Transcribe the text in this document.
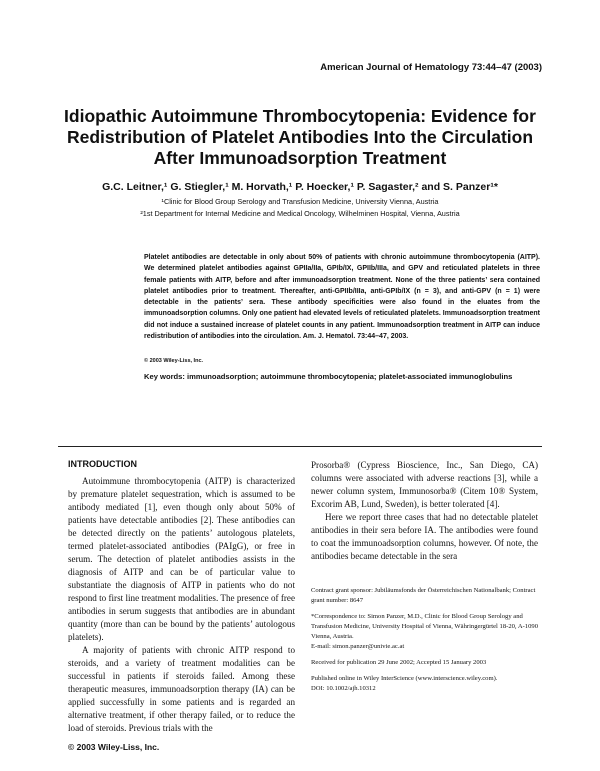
American Journal of Hematology 73:44–47 (2003)
Idiopathic Autoimmune Thrombocytopenia: Evidence for
Redistribution of Platelet Antibodies Into the Circulation
After Immunoadsorption Treatment
G.C. Leitner,¹ G. Stiegler,¹ M. Horvath,¹ P. Hoecker,¹ P. Sagaster,² and S. Panzer¹*
¹Clinic for Blood Group Serology and Transfusion Medicine, University Vienna, Austria
²1st Department for Internal Medicine and Medical Oncology, Wilhelminen Hospital, Vienna, Austria
Platelet antibodies are detectable in only about 50% of patients with chronic autoimmune thrombocytopenia (AITP). We determined platelet antibodies against GPIIa/IIa, GPIb/IX, GPIIb/IIIa, and GPV and reticulated platelets in three female patients with AITP, before and after immunoadsorption treatment. None of the three patients’ sera contained platelet antibodies prior to treatment. Thereafter, anti-GPIIb/IIIa, anti-GPIb/IX (n = 3), and anti-GPV (n = 1) were detectable in the patients’ sera. These antibody specificities were also found in the eluates from the immunoadsorption columns. Only one patient had elevated levels of reticulated platelets. Immunoadsorption treatment did not induce a sustained increase of platelet counts in any patient. Immunoadsorption treatment in AITP can induce redistribution of antibodies into the circulation. Am. J. Hematol. 73:44–47, 2003.
© 2003 Wiley-Liss, Inc.
Key words: immunoadsorption; autoimmune thrombocytopenia; platelet-associated immunoglobulins
INTRODUCTION

Autoimmune thrombocytopenia (AITP) is characterized by premature platelet sequestration, which is assumed to be antibody mediated [1], even though only about 50% of patients have detectable antibodies [2]. These antibodies can be detected directly on the patients’ autologous platelets, termed platelet-associated antibodies (PAIgG), or free in serum. The detection of platelet antibodies assists in the diagnosis of AITP and can be of particular value to substantiate the diagnosis of AITP in patients who do not respond to first line treatment modalities. The presence of free antibodies in serum suggests that antibodies are in abundant quantity (more than can be bound by the patients’ autologous platelets).

A majority of patients with chronic AITP respond to steroids, and a variety of treatment modalities can be successful in patients if steroids failed. Among these therapeutic measures, immunoadsorption therapy (IA) can be applied successfully in some patients and is regarded an alternative treatment, if other therapy failed, or to reduce the load of steroids. Previous trials with the

Prosorba® (Cypress Bioscience, Inc., San Diego, CA) columns were associated with adverse reactions [3], while a newer column system, Immunosorba® (Citem 10® System, Excorim AB, Lund, Sweden), is better tolerated [4].

Here we report three cases that had no detectable platelet antibodies in their sera before IA. The antibodies were found to coat the immunoadsorption columns, however. Of note, the antibodies became detectable in the sera

Contract grant sponsor: Jubiläumsfonds der Österreichischen Nationalbank; Contract grant number: 8647

*Correspondence to: Simon Panzer, M.D., Clinic for Blood Group Serology and Transfusion Medicine, University Hospital of Vienna, Währingergürtel 18-20, A-1090 Vienna, Austria.

E-mail: simon.panzer@univie.ac.at

Received for publication 29 June 2002; Accepted 15 January 2003

Published online in Wiley InterScience (www.interscience.wiley.com).

DOI: 10.1002/ajh.10312

© 2003 Wiley-Liss, Inc.
